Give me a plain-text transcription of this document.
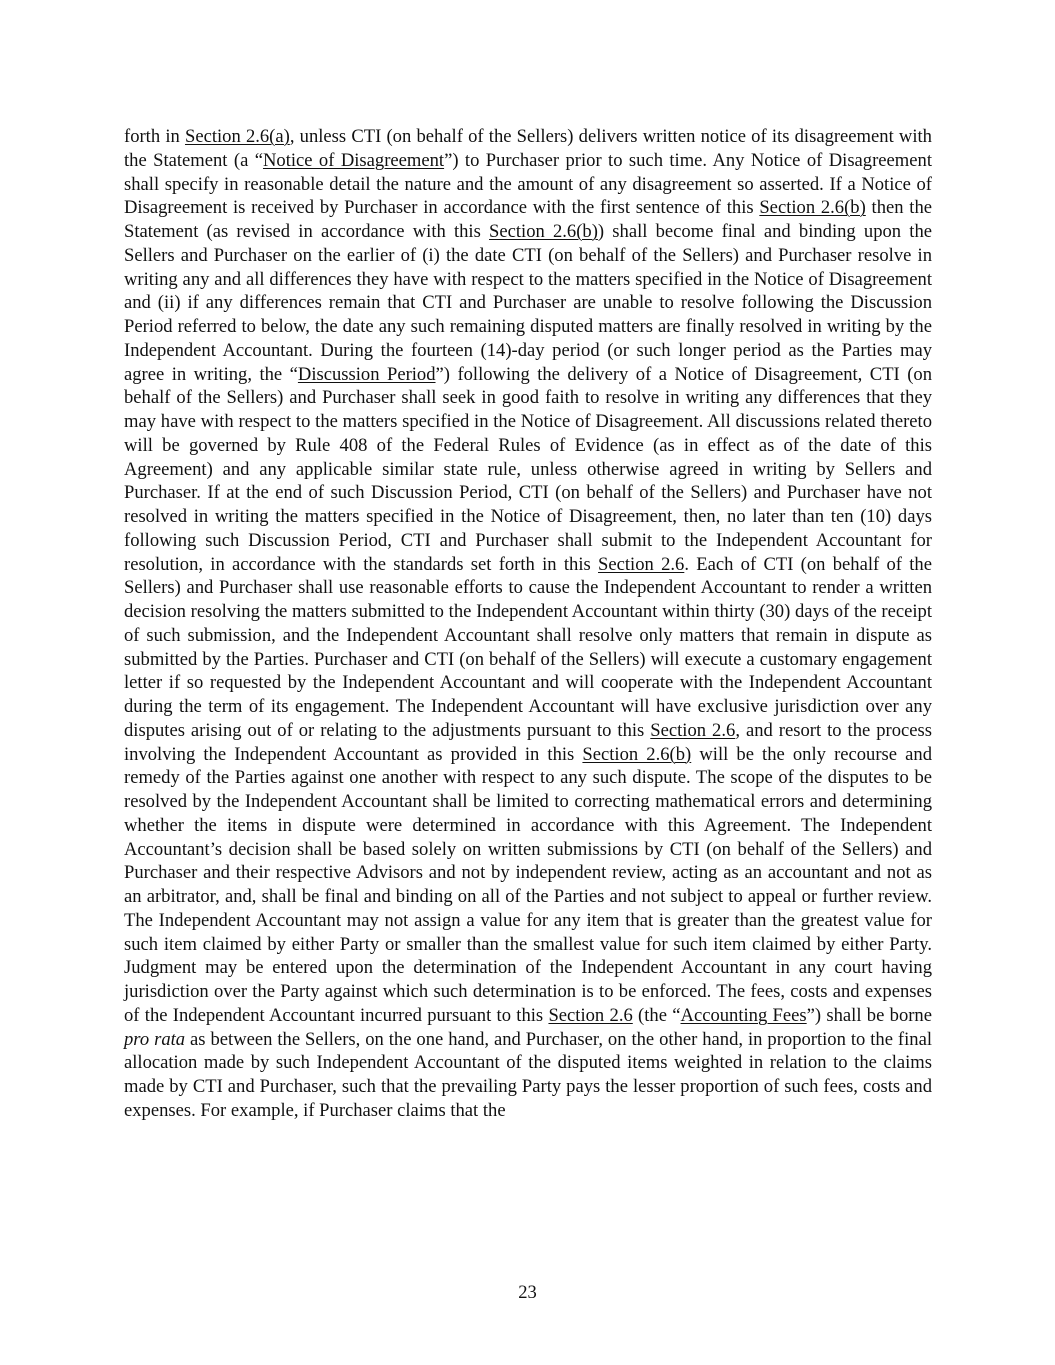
forth in Section 2.6(a), unless CTI (on behalf of the Sellers) delivers written notice of its disagreement with the Statement (a “Notice of Disagreement”) to Purchaser prior to such time. Any Notice of Disagreement shall specify in reasonable detail the nature and the amount of any disagreement so asserted. If a Notice of Disagreement is received by Purchaser in accordance with the first sentence of this Section 2.6(b) then the Statement (as revised in accordance with this Section 2.6(b)) shall become final and binding upon the Sellers and Purchaser on the earlier of (i) the date CTI (on behalf of the Sellers) and Purchaser resolve in writing any and all differences they have with respect to the matters specified in the Notice of Disagreement and (ii) if any differences remain that CTI and Purchaser are unable to resolve following the Discussion Period referred to below, the date any such remaining disputed matters are finally resolved in writing by the Independent Accountant. During the fourteen (14)-day period (or such longer period as the Parties may agree in writing, the “Discussion Period”) following the delivery of a Notice of Disagreement, CTI (on behalf of the Sellers) and Purchaser shall seek in good faith to resolve in writing any differences that they may have with respect to the matters specified in the Notice of Disagreement. All discussions related thereto will be governed by Rule 408 of the Federal Rules of Evidence (as in effect as of the date of this Agreement) and any applicable similar state rule, unless otherwise agreed in writing by Sellers and Purchaser. If at the end of such Discussion Period, CTI (on behalf of the Sellers) and Purchaser have not resolved in writing the matters specified in the Notice of Disagreement, then, no later than ten (10) days following such Discussion Period, CTI and Purchaser shall submit to the Independent Accountant for resolution, in accordance with the standards set forth in this Section 2.6. Each of CTI (on behalf of the Sellers) and Purchaser shall use reasonable efforts to cause the Independent Accountant to render a written decision resolving the matters submitted to the Independent Accountant within thirty (30) days of the receipt of such submission, and the Independent Accountant shall resolve only matters that remain in dispute as submitted by the Parties. Purchaser and CTI (on behalf of the Sellers) will execute a customary engagement letter if so requested by the Independent Accountant and will cooperate with the Independent Accountant during the term of its engagement. The Independent Accountant will have exclusive jurisdiction over any disputes arising out of or relating to the adjustments pursuant to this Section 2.6, and resort to the process involving the Independent Accountant as provided in this Section 2.6(b) will be the only recourse and remedy of the Parties against one another with respect to any such dispute. The scope of the disputes to be resolved by the Independent Accountant shall be limited to correcting mathematical errors and determining whether the items in dispute were determined in accordance with this Agreement. The Independent Accountant’s decision shall be based solely on written submissions by CTI (on behalf of the Sellers) and Purchaser and their respective Advisors and not by independent review, acting as an accountant and not as an arbitrator, and, shall be final and binding on all of the Parties and not subject to appeal or further review. The Independent Accountant may not assign a value for any item that is greater than the greatest value for such item claimed by either Party or smaller than the smallest value for such item claimed by either Party. Judgment may be entered upon the determination of the Independent Accountant in any court having jurisdiction over the Party against which such determination is to be enforced. The fees, costs and expenses of the Independent Accountant incurred pursuant to this Section 2.6 (the “Accounting Fees”) shall be borne pro rata as between the Sellers, on the one hand, and Purchaser, on the other hand, in proportion to the final allocation made by such Independent Accountant of the disputed items weighted in relation to the claims made by CTI and Purchaser, such that the prevailing Party pays the lesser proportion of such fees, costs and expenses. For example, if Purchaser claims that the

23
